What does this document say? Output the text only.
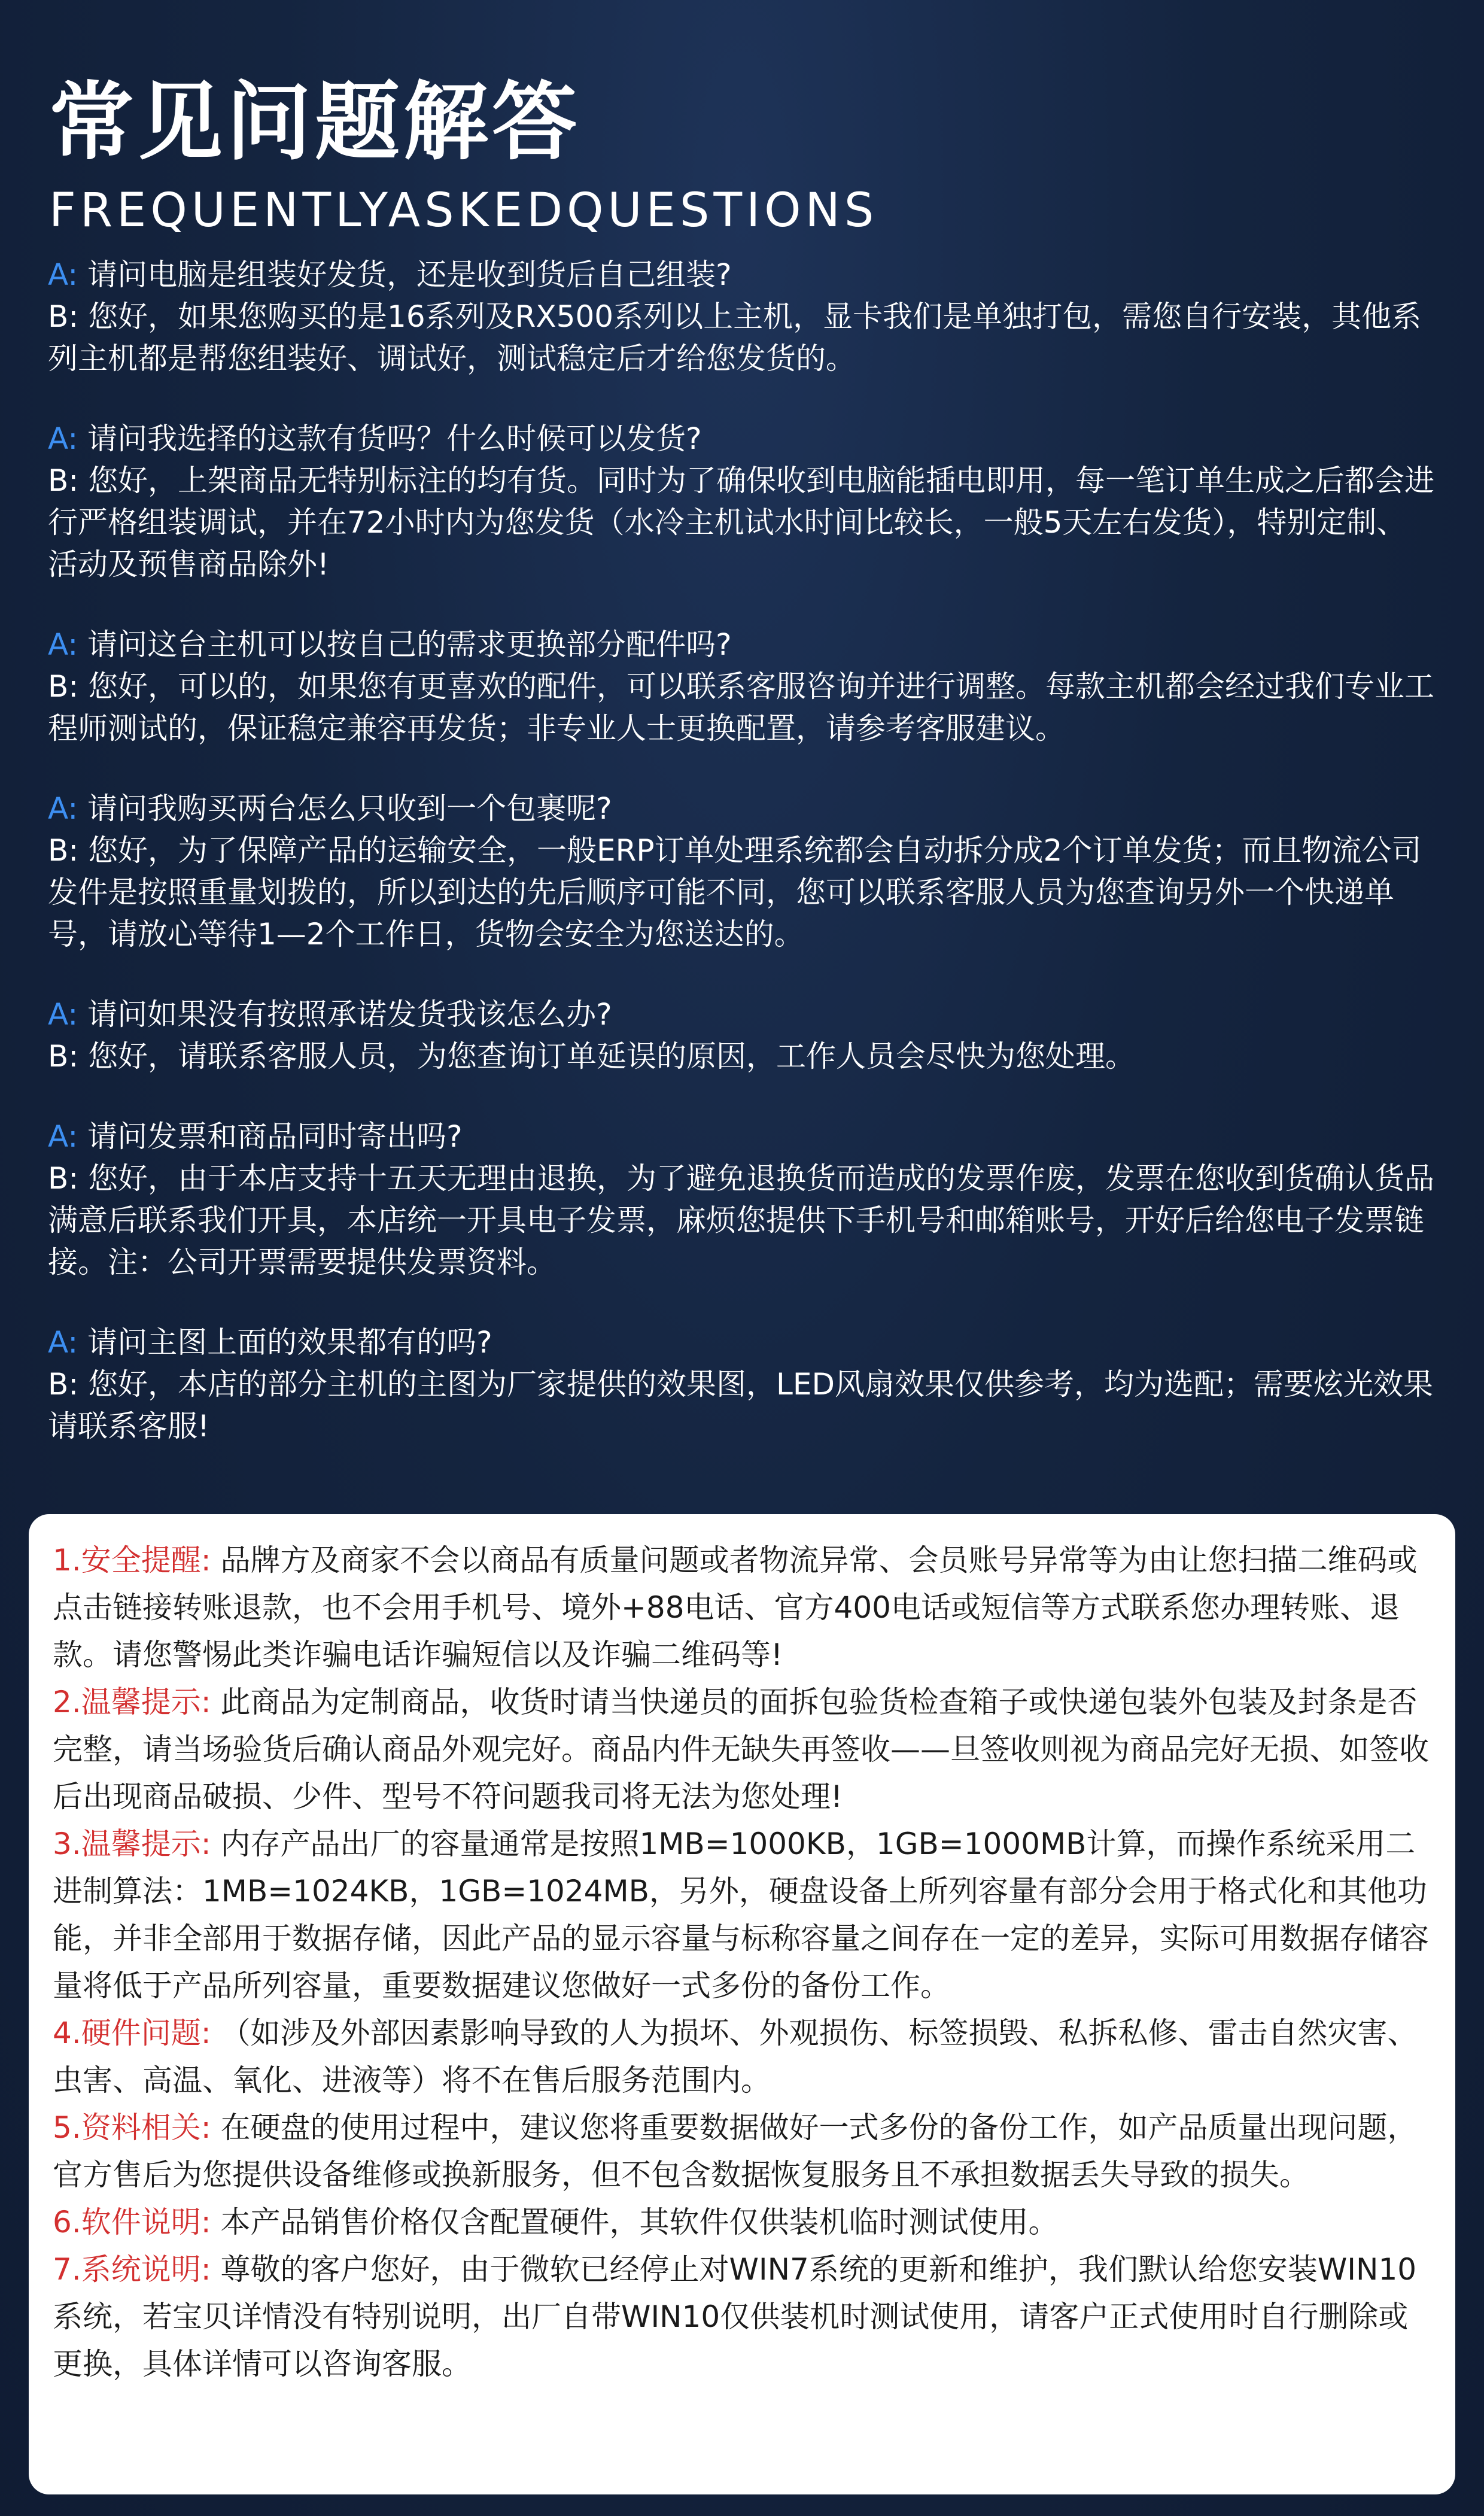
常见问题解答
FREQUENTLYASKEDQUESTIONS

A: 请问电脑是组装好发货，还是收到货后自己组装?

B: 您好，如果您购买的是16系列及RX500系列以上主机，显卡我们是单独打包，需您自行安装，其他系列主机都是帮您组装好、调试好，测试稳定后才给您发货的。

A: 请问我选择的这款有货吗？什么时候可以发货?

B: 您好，上架商品无特别标注的均有货。同时为了确保收到电脑能插电即用，每一笔订单生成之后都会进行严格组装调试，并在72小时内为您发货（水冷主机试水时间比较长，一般5天左右发货），特别定制、活动及预售商品除外!

A: 请问这台主机可以按自己的需求更换部分配件吗?

B: 您好，可以的，如果您有更喜欢的配件，可以联系客服咨询并进行调整。每款主机都会经过我们专业工程师测试的，保证稳定兼容再发货；非专业人士更换配置，请参考客服建议。

A: 请问我购买两台怎么只收到一个包裹呢?

B: 您好，为了保障产品的运输安全，一般ERP订单处理系统都会自动拆分成2个订单发货；而且物流公司发件是按照重量划拨的，所以到达的先后顺序可能不同，您可以联系客服人员为您查询另外一个快递单号，请放心等待1—2个工作日，货物会安全为您送达的。

A: 请问如果没有按照承诺发货我该怎么办?

B: 您好，请联系客服人员，为您查询订单延误的原因，工作人员会尽快为您处理。

A: 请问发票和商品同时寄出吗?

B: 您好，由于本店支持十五天无理由退换，为了避免退换货而造成的发票作废，发票在您收到货确认货品满意后联系我们开具，本店统一开具电子发票，麻烦您提供下手机号和邮箱账号，开好后给您电子发票链接。注：公司开票需要提供发票资料。

A: 请问主图上面的效果都有的吗?

B: 您好，本店的部分主机的主图为厂家提供的效果图，LED风扇效果仅供参考，均为选配；需要炫光效果请联系客服!

1.安全提醒: 品牌方及商家不会以商品有质量问题或者物流异常、会员账号异常等为由让您扫描二维码或点击链接转账退款，也不会用手机号、境外+88电话、官方400电话或短信等方式联系您办理转账、退款。请您警惕此类诈骗电话诈骗短信以及诈骗二维码等!

2.温馨提示: 此商品为定制商品，收货时请当快递员的面拆包验货检查箱子或快递包装外包装及封条是否完整，请当场验货后确认商品外观完好。商品内件无缺失再签收——旦签收则视为商品完好无损、如签收后出现商品破损、少件、型号不符问题我司将无法为您处理!

3.温馨提示: 内存产品出厂的容量通常是按照1MB=1000KB，1GB=1000MB计算，而操作系统采用二进制算法：1MB=1024KB，1GB=1024MB，另外，硬盘设备上所列容量有部分会用于格式化和其他功能，并非全部用于数据存储，因此产品的显示容量与标称容量之间存在一定的差异，实际可用数据存储容量将低于产品所列容量，重要数据建议您做好一式多份的备份工作。

4.硬件问题: （如涉及外部因素影响导致的人为损坏、外观损伤、标签损毁、私拆私修、雷击自然灾害、虫害、高温、氧化、进液等）将不在售后服务范围内。

5.资料相关: 在硬盘的使用过程中，建议您将重要数据做好一式多份的备份工作，如产品质量出现问题，官方售后为您提供设备维修或换新服务，但不包含数据恢复服务且不承担数据丢失导致的损失。

6.软件说明: 本产品销售价格仅含配置硬件，其软件仅供装机临时测试使用。

7.系统说明: 尊敬的客户您好，由于微软已经停止对WIN7系统的更新和维护，我们默认给您安装WIN10系统，若宝贝详情没有特别说明，出厂自带WIN10仅供装机时测试使用，请客户正式使用时自行删除或更换，具体详情可以咨询客服。
